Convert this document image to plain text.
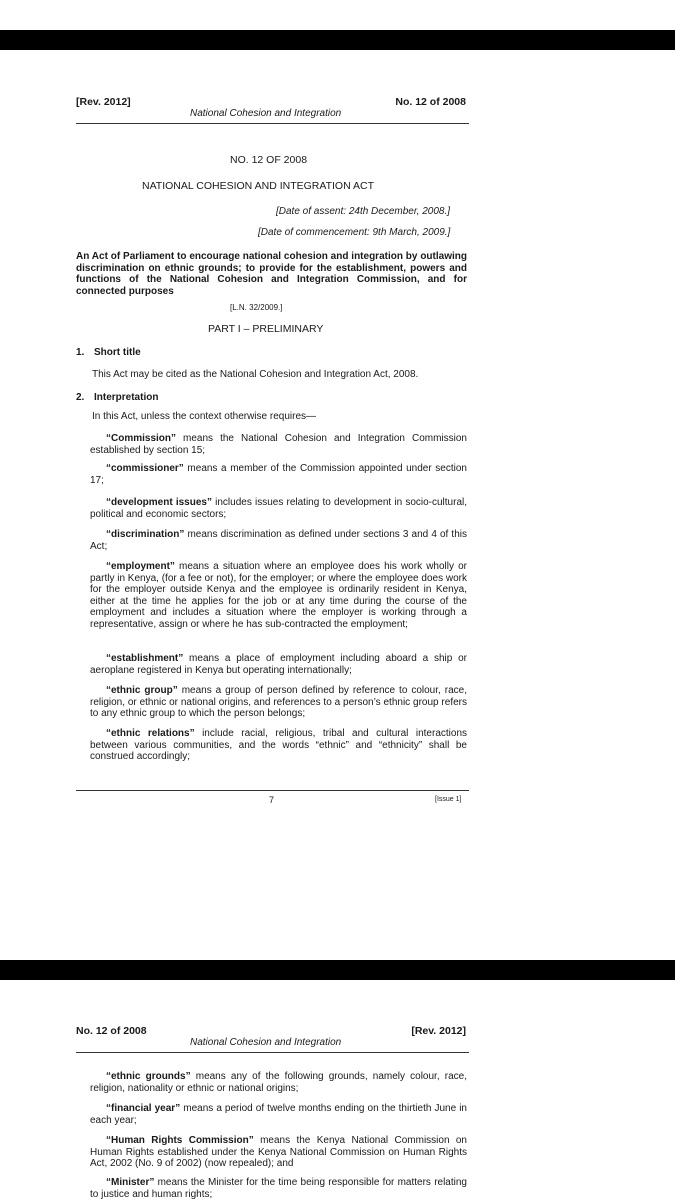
[Rev. 2012]	No. 12 of 2008
National Cohesion and Integration
NO. 12 OF 2008
NATIONAL COHESION AND INTEGRATION ACT
[Date of assent: 24th December, 2008.]
[Date of commencement: 9th March, 2009.]
An Act of Parliament to encourage national cohesion and integration by outlawing discrimination on ethnic grounds; to provide for the establishment, powers and functions of the National Cohesion and Integration Commission, and for connected purposes
[L.N. 32/2009.]
PART I – PRELIMINARY
1. Short title
This Act may be cited as the National Cohesion and Integration Act, 2008.
2. Interpretation
In this Act, unless the context otherwise requires—
“Commission” means the National Cohesion and Integration Commission established by section 15;
“commissioner” means a member of the Commission appointed under section 17;
“development issues” includes issues relating to development in socio-cultural, political and economic sectors;
“discrimination” means discrimination as defined under sections 3 and 4 of this Act;
“employment” means a situation where an employee does his work wholly or partly in Kenya, (for a fee or not), for the employer; or where the employee does work for the employer outside Kenya and the employee is ordinarily resident in Kenya, either at the time he applies for the job or at any time during the course of the employment and includes a situation where the employer is working through a representative, assign or where he has sub-contracted the employment;
“establishment” means a place of employment including aboard a ship or aeroplane registered in Kenya but operating internationally;
“ethnic group” means a group of person defined by reference to colour, race, religion, or ethnic or national origins, and references to a person’s ethnic group refers to any ethnic group to which the person belongs;
“ethnic relations” include racial, religious, tribal and cultural interactions between various communities, and the words “ethnic” and “ethnicity” shall be construed accordingly;
7	[Issue 1]
No. 12 of 2008	[Rev. 2012]
National Cohesion and Integration
“ethnic grounds” means any of the following grounds, namely colour, race, religion, nationality or ethnic or national origins;
“financial year” means a period of twelve months ending on the thirtieth June in each year;
“Human Rights Commission” means the Kenya National Commission on Human Rights established under the Kenya National Commission on Human Rights Act, 2002 (No. 9 of 2002) (now repealed); and
“Minister” means the Minister for the time being responsible for matters relating to justice and human rights;
